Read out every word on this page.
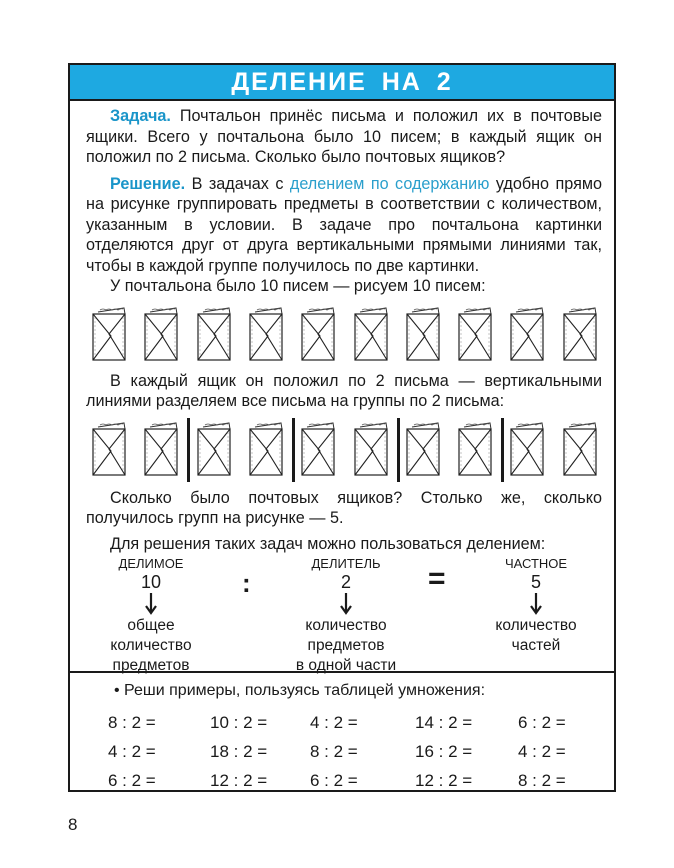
ДЕЛЕНИЕ НА 2

Задача. Почтальон принёс письма и положил их в почтовые ящики. Всего у почтальона было 10 писем; в каждый ящик он положил по 2 письма. Сколько было почтовых ящиков?

Решение. В задачах с делением по содержанию удобно прямо на рисунке группировать предметы в соответствии с количеством, указанным в условии. В задаче про почтальона картинки отделяются друг от друга вертикальными прямыми линиями так, чтобы в каждой группе получилось по две картинки.

У почтальона было 10 писем — рисуем 10 писем:

В каждый ящик он положил по 2 письма — вертикальными линиями разделяем все письма на группы по 2 письма:

Сколько было почтовых ящиков? Столько же, сколько получилось групп на рисунке — 5.

Для решения таких задач можно пользоваться делением:

ДЕЛИМОЕ
10
общее
количество
предметов
:
ДЕЛИТЕЛЬ
2
количество
предметов
в одной части
=	ЧАСТНОЕ
5
количество
частей
• Реши примеры, пользуясь таблицей умножения:
8 : 2 =	10 : 2 =	4 : 2 =	14 : 2 =	6 : 2 =
4 : 2 =	18 : 2 =	8 : 2 =	16 : 2 =	4 : 2 =
6 : 2 =	12 : 2 =	6 : 2 =	12 : 2 =	8 : 2 =
8
